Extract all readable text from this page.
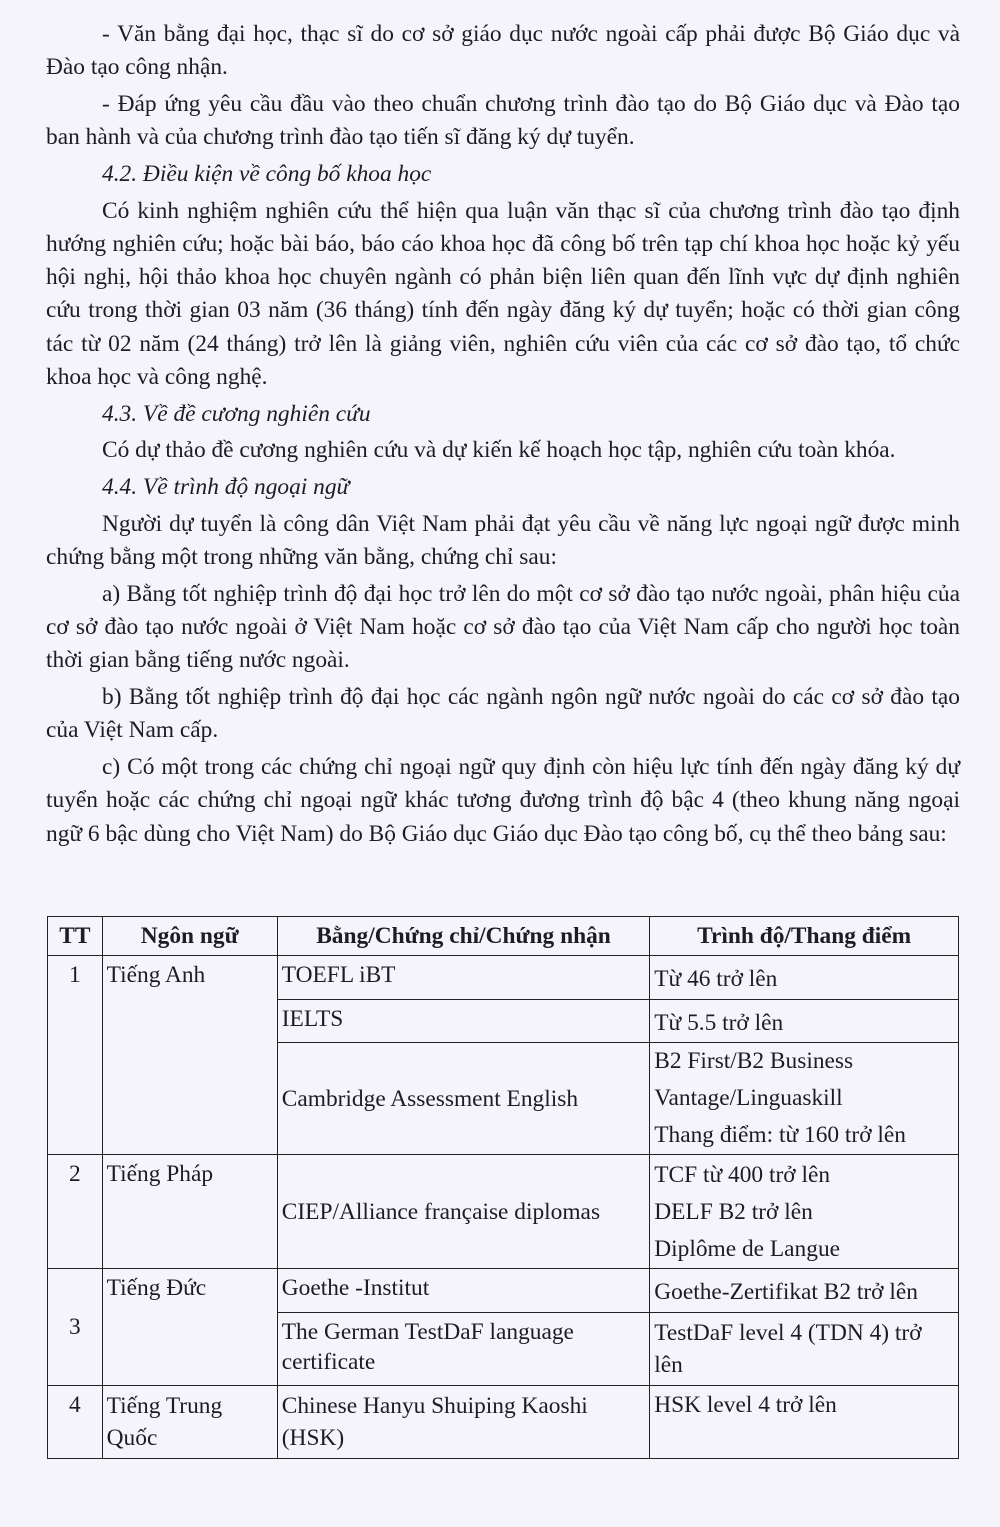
- Văn bằng đại học, thạc sĩ do cơ sở giáo dục nước ngoài cấp phải được Bộ Giáo dục và Đào tạo công nhận.

- Đáp ứng yêu cầu đầu vào theo chuẩn chương trình đào tạo do Bộ Giáo dục và Đào tạo ban hành và của chương trình đào tạo tiến sĩ đăng ký dự tuyển.

4.2. Điều kiện về công bố khoa học

Có kinh nghiệm nghiên cứu thể hiện qua luận văn thạc sĩ của chương trình đào tạo định hướng nghiên cứu; hoặc bài báo, báo cáo khoa học đã công bố trên tạp chí khoa học hoặc kỷ yếu hội nghị, hội thảo khoa học chuyên ngành có phản biện liên quan đến lĩnh vực dự định nghiên cứu trong thời gian 03 năm (36 tháng) tính đến ngày đăng ký dự tuyển; hoặc có thời gian công tác từ 02 năm (24 tháng) trở lên là giảng viên, nghiên cứu viên của các cơ sở đào tạo, tổ chức khoa học và công nghệ.

4.3. Về đề cương nghiên cứu

Có dự thảo đề cương nghiên cứu và dự kiến kế hoạch học tập, nghiên cứu toàn khóa.

4.4. Về trình độ ngoại ngữ

Người dự tuyển là công dân Việt Nam phải đạt yêu cầu về năng lực ngoại ngữ được minh chứng bằng một trong những văn bằng, chứng chỉ sau:

a) Bằng tốt nghiệp trình độ đại học trở lên do một cơ sở đào tạo nước ngoài, phân hiệu của cơ sở đào tạo nước ngoài ở Việt Nam hoặc cơ sở đào tạo của Việt Nam cấp cho người học toàn thời gian bằng tiếng nước ngoài.

b) Bằng tốt nghiệp trình độ đại học các ngành ngôn ngữ nước ngoài do các cơ sở đào tạo của Việt Nam cấp.

c) Có một trong các chứng chỉ ngoại ngữ quy định còn hiệu lực tính đến ngày đăng ký dự tuyển hoặc các chứng chỉ ngoại ngữ khác tương đương trình độ bậc 4 (theo khung năng ngoại ngữ 6 bậc dùng cho Việt Nam) do Bộ Giáo dục Giáo dục Đào tạo công bố, cụ thể theo bảng sau:

TT	Ngôn ngữ	Bằng/Chứng chỉ/Chứng nhận	Trình độ/Thang điểm
1	Tiếng Anh	TOEFL iBT	Từ 46 trở lên
		IELTS	Từ 5.5 trở lên
		Cambridge Assessment English	B2 First/B2 Business
Vantage/Linguaskill
Thang điểm: từ 160 trở lên

2	Tiếng Pháp	CIEP/Alliance française diplomas	TCF từ 400 trở lên
DELF B2 trở lên
Diplôme de Langue

3	Tiếng Đức	Goethe -Institut	Goethe-Zertifikat B2 trở lên
		The German TestDaF language certificate	TestDaF level 4 (TDN 4) trở lên

4	Tiếng Trung Quốc	Chinese Hanyu Shuiping Kaoshi (HSK)	HSK level 4 trở lên
